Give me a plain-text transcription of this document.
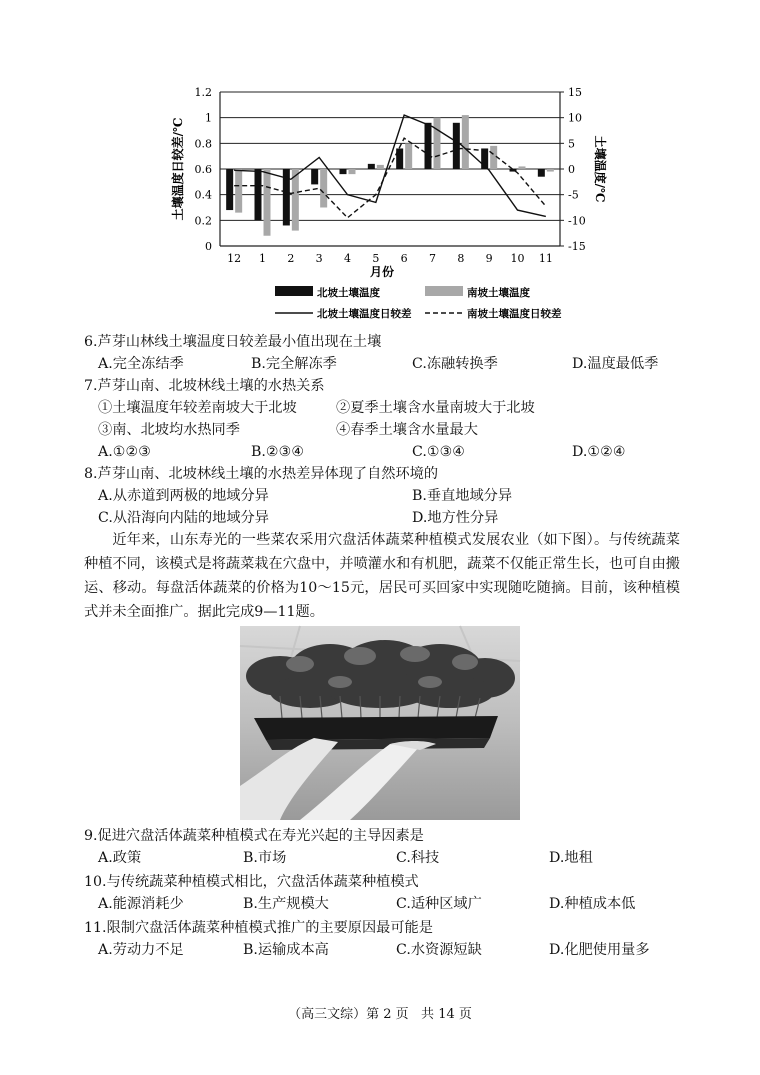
0
0.2
0.4
0.6
0.8
1
1.2
-15
-10
-5
0
5
10
15
12 1 2 3 4 5 6 7 8 9 10 11
月份
土壤温度日较差/℃	土壤温度/℃
北坡土壤温度	南坡土壤温度
北坡土壤温度日较差	南坡土壤温度日较差
6.芦芽山林线土壤温度日较差最小值出现在土壤
A.完全冻结季	B.完全解冻季	C.冻融转换季	D.温度最低季
7.芦芽山南、北坡林线土壤的水热关系
①土壤温度年较差南坡大于北坡	②夏季土壤含水量南坡大于北坡
③南、北坡均水热同季	④春季土壤含水量最大
A.①②③	B.②③④	C.①③④	D.①②④
8.芦芽山南、北坡林线土壤的水热差异体现了自然环境的
A.从赤道到两极的地域分异	B.垂直地域分异
C.从沿海向内陆的地域分异	D.地方性分异

近年来，山东寿光的一些菜农采用穴盘活体蔬菜种植模式发展农业（如下图）。与传统蔬菜种植不同，该模式是将蔬菜栽在穴盘中，并喷灌水和有机肥，蔬菜不仅能正常生长，也可自由搬运、移动。每盘活体蔬菜的价格为10～15元，居民可买回家中实现随吃随摘。目前，该种植模式并未全面推广。据此完成9—11题。

9.促进穴盘活体蔬菜种植模式在寿光兴起的主导因素是
A.政策	B.市场	C.科技	D.地租
10.与传统蔬菜种植模式相比，穴盘活体蔬菜种植模式
A.能源消耗少	B.生产规模大	C.适种区域广	D.种植成本低
11.限制穴盘活体蔬菜种植模式推广的主要原因最可能是
A.劳动力不足	B.运输成本高	C.水资源短缺	D.化肥使用量多
（高三文综）第 2 页   共 14 页
